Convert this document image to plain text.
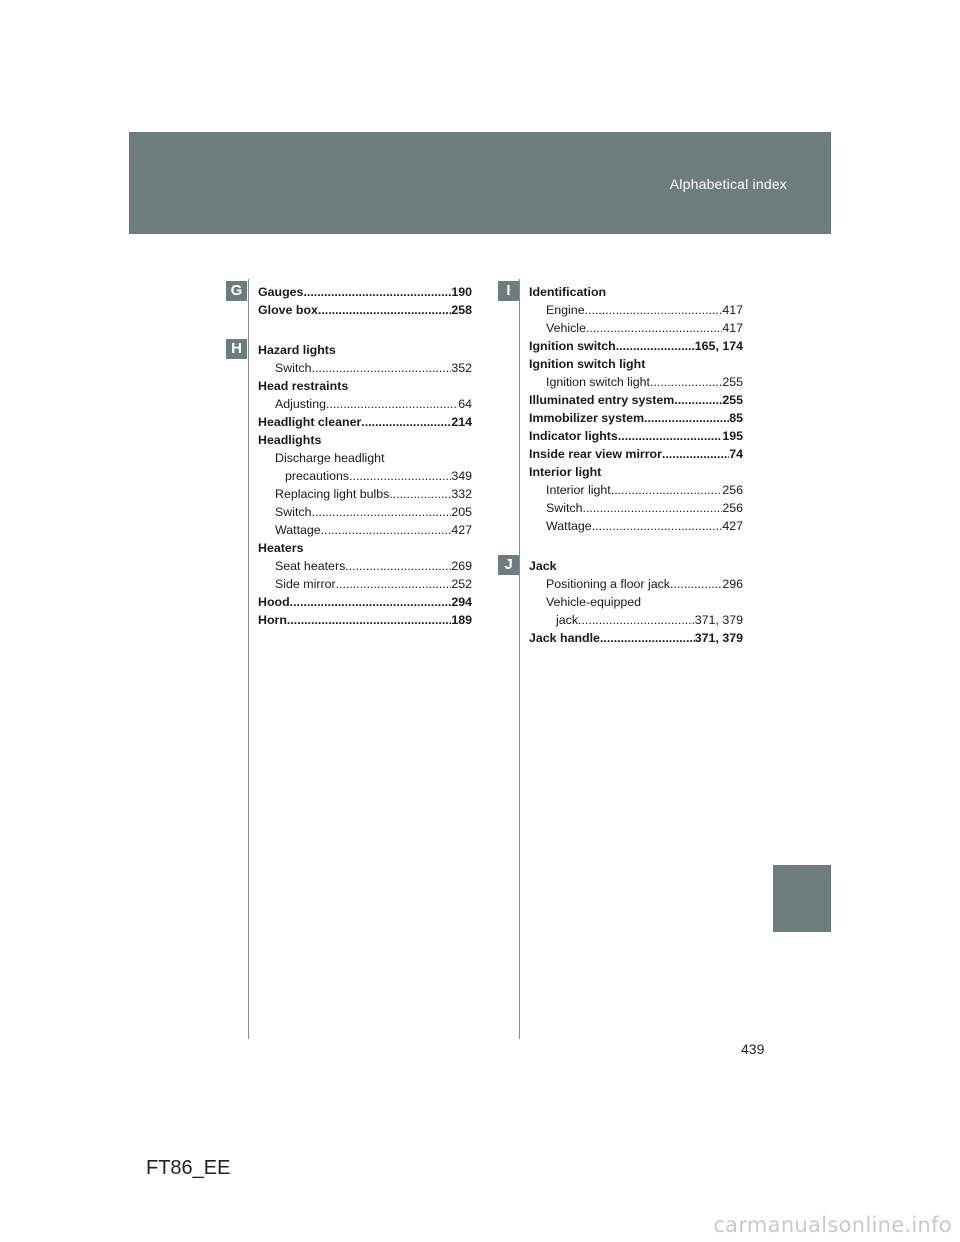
Alphabetical index
G
H
I
J
Gauges .....	190
Glove box .....	258
Hazard lights
Switch .....	352
Head restraints
Adjusting .....	64
Headlight cleaner .....	214
Headlights
Discharge headlight
precautions .....	349
Replacing light bulbs .....	332
Switch .....	205
Wattage .....	427
Heaters
Seat heaters .....	269
Side mirror .....	252
Hood .....	294
Horn .....	189
Identification
Engine .....	417
Vehicle .....	417
Ignition switch .....	165, 174
Ignition switch light
Ignition switch light .....	255
Illuminated entry system .....	255
Immobilizer system .....	85
Indicator lights .....	195
Inside rear view mirror .....	74
Interior light
Interior light .....	256
Switch .....	256
Wattage .....	427
Jack
Positioning a floor jack .....	296
Vehicle-equipped
jack .....	371, 379
Jack handle .....	371, 379
439
FT86_EE
carmanualsonline.info
